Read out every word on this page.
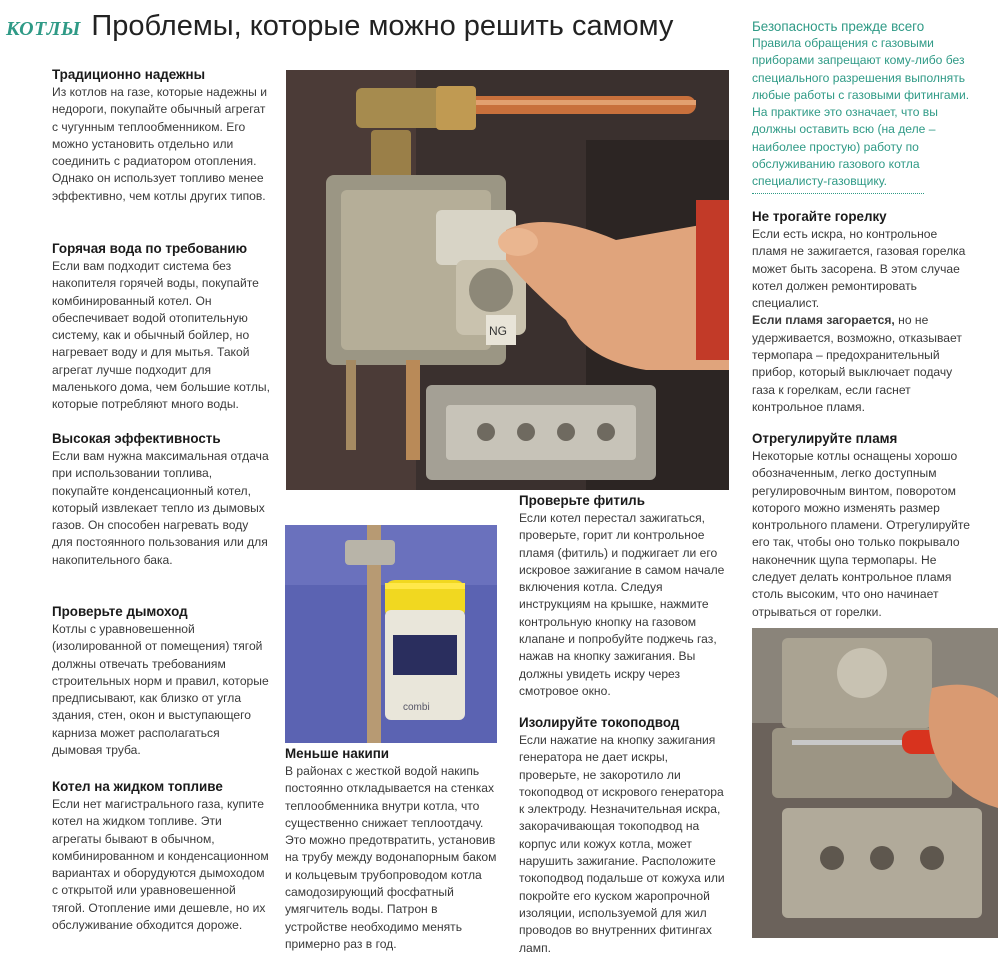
КОТЛЫ Проблемы, которые можно решить самому
Традиционно надежны

Из котлов на газе, которые надежны и недороги, покупайте обычный агрегат с чугунным теплообменником. Его можно установить отдельно или соединить с радиатором отопления. Однако он использует топливо менее эффективно, чем котлы других типов.

Горячая вода по требованию

Если вам подходит система без накопителя горячей воды, покупайте комбинированный котел. Он обеспечивает водой отопительную систему, как и обычный бойлер, но нагревает воду и для мытья. Такой агрегат лучше подходит для маленького дома, чем большие котлы, которые потребляют много воды.

Высокая эффективность

Если вам нужна максимальная отдача при использовании топлива, покупайте конденсационный котел, который извлекает тепло из дымовых газов. Он способен нагревать воду для постоянного пользования или для накопительного бака.

Проверьте дымоход

Котлы с уравновешенной (изолированной от помещения) тягой должны отвечать требованиям строительных норм и правил, которые предписывают, как близко от угла здания, стен, окон и выступающего карниза может располагаться дымовая труба.

Котел на жидком топливе

Если нет магистрального газа, купите котел на жидком топливе. Эти агрегаты бывают в обычном, комбинированном и конденсационном вариантах и оборудуются дымоходом с открытой или уравновешенной тягой. Отопление ими дешевле, но их обслуживание обходится дороже.

NG
combi
Меньше накипи

В районах с жесткой водой накипь постоянно откладывается на стенках теплообменника внутри котла, что существенно снижает теплоотдачу. Это можно предотвратить, установив на трубу между водонапорным баком и кольцевым трубопроводом котла самодозирующий фосфатный умягчитель воды. Патрон в устройстве необходимо менять примерно раз в год.

Проверьте фитиль

Если котел перестал зажигаться, проверьте, горит ли контрольное пламя (фитиль) и поджигает ли его искровое зажигание в самом начале включения котла. Следуя инструкциям на крышке, нажмите контрольную кнопку на газовом клапане и попробуйте поджечь газ, нажав на кнопку зажигания. Вы должны увидеть искру через смотровое окно.

Изолируйте токоподвод

Если нажатие на кнопку зажигания генератора не дает искры, проверьте, не закоротило ли токоподвод от искрового генератора к электроду. Незначительная искра, закорачивающая токоподвод на корпус или кожух котла, может нарушить зажигание. Расположите токоподвод подальше от кожуха или покройте его куском жаропрочной изоляции, используемой для жил проводов во внутренних фитингах ламп.

Безопасность прежде всего

Правила обращения с газовыми приборами запрещают кому-либо без специального разрешения выполнять любые работы с газовыми фитингами. На практике это означает, что вы должны оставить всю (на деле – наиболее простую) работу по обслуживанию газового котла специалисту-газовщику.

Не трогайте горелку

Если есть искра, но контрольное пламя не зажигается, газовая горелка может быть засорена. В этом случае котел должен ремонтировать специалист.
Если пламя загорается, но не удерживается, возможно, отказывает термопара – предохранительный прибор, который выключает подачу газа к горелкам, если гаснет контрольное пламя.

Отрегулируйте пламя

Некоторые котлы оснащены хорошо обозначенным, легко доступным регулировочным винтом, поворотом которого можно изменять размер контрольного пламени. Отрегулируйте его так, чтобы оно только покрывало наконечник щупа термопары. Не следует делать контрольное пламя столь высоким, что оно начинает отрываться от горелки.
